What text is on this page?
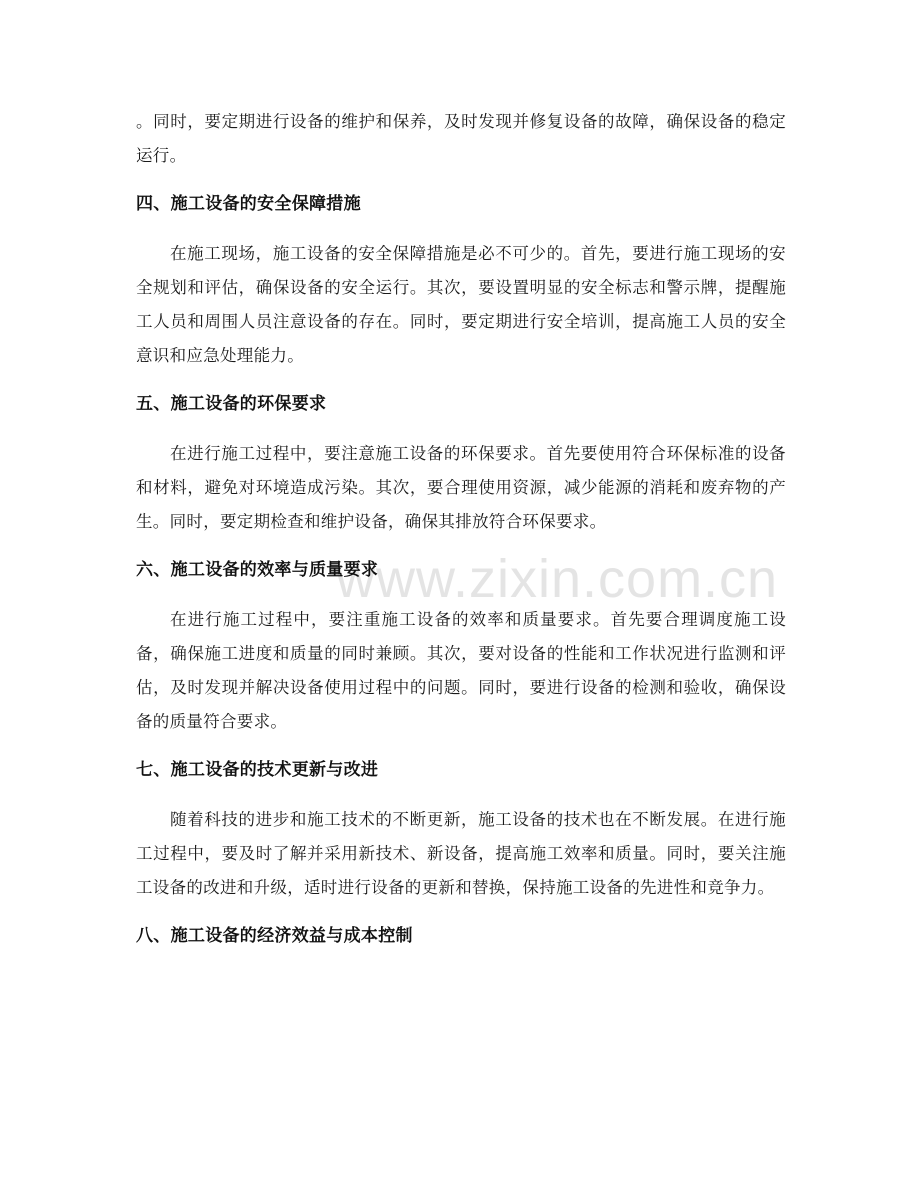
www.zixin.com.cn

。同时，要定期进行设备的维护和保养，及时发现并修复设备的故障，确保设备的稳定运行。

四、施工设备的安全保障措施

在施工现场，施工设备的安全保障措施是必不可少的。首先，要进行施工现场的安全规划和评估，确保设备的安全运行。其次，要设置明显的安全标志和警示牌，提醒施工人员和周围人员注意设备的存在。同时，要定期进行安全培训，提高施工人员的安全意识和应急处理能力。

五、施工设备的环保要求

在进行施工过程中，要注意施工设备的环保要求。首先要使用符合环保标准的设备和材料，避免对环境造成污染。其次，要合理使用资源，减少能源的消耗和废弃物的产生。同时，要定期检查和维护设备，确保其排放符合环保要求。

六、施工设备的效率与质量要求

在进行施工过程中，要注重施工设备的效率和质量要求。首先要合理调度施工设备，确保施工进度和质量的同时兼顾。其次，要对设备的性能和工作状况进行监测和评估，及时发现并解决设备使用过程中的问题。同时，要进行设备的检测和验收，确保设备的质量符合要求。

七、施工设备的技术更新与改进

随着科技的进步和施工技术的不断更新，施工设备的技术也在不断发展。在进行施工过程中，要及时了解并采用新技术、新设备，提高施工效率和质量。同时，要关注施工设备的改进和升级，适时进行设备的更新和替换，保持施工设备的先进性和竞争力。

八、施工设备的经济效益与成本控制
